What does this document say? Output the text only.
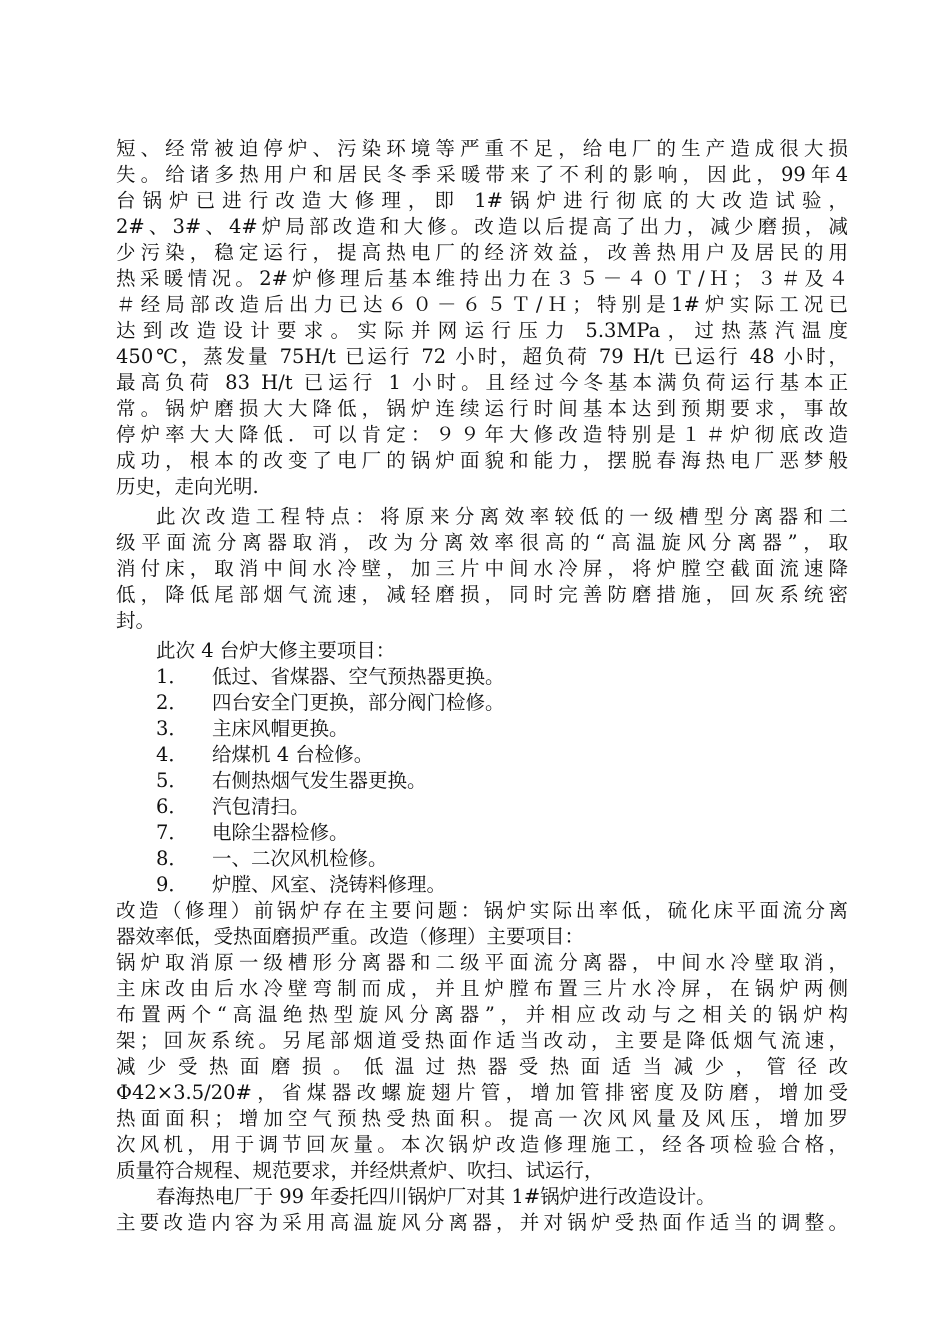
短、经常被迫停炉、污染环境等严重不足，给电厂的生产造成很大损
失。给诸多热用户和居民冬季采暖带来了不利的影响，因此，99年4
台锅炉已进行改造大修理，即 1#锅炉进行彻底的大改造试验，
2#、3#、4#炉局部改造和大修。改造以后提高了出力，减少磨损，减
少污染，稳定运行，提高热电厂的经济效益，改善热用户及居民的用
热采暖情况。2#炉修理后基本维持出力在３５－４０Ｔ/Ｈ；３＃及４
＃经局部改造后出力已达６０－６５Ｔ/Ｈ；特别是1#炉实际工况已
达到改造设计要求。实际并网运行压力 5.3MPa，过热蒸汽温度
450℃，蒸发量 75H/t 已运行 72 小时，超负荷 79 H/t 已运行 48 小时，
最高负荷 83 H/t 已运行 1 小时。且经过今冬基本满负荷运行基本正
常。锅炉磨损大大降低，锅炉连续运行时间基本达到预期要求，事故
停炉率大大降低．可以肯定：９９年大修改造特别是１＃炉彻底改造
成功，根本的改变了电厂的锅炉面貌和能力，摆脱春海热电厂恶梦般
历史，走向光明.
此次改造工程特点：将原来分离效率较低的一级槽型分离器和二
级平面流分离器取消，改为分离效率很高的“高温旋风分离器”，取
消付床，取消中间水冷壁，加三片中间水冷屏，将炉膛空截面流速降
低，降低尾部烟气流速，减轻磨损，同时完善防磨措施，回灰系统密
封。
此次 4 台炉大修主要项目：
1． 低过、省煤器、空气预热器更换。
2． 四台安全门更换，部分阀门检修。
3． 主床风帽更换。
4． 给煤机 4 台检修。
5． 右侧热烟气发生器更换。
6． 汽包清扫。
7． 电除尘器检修。
8． 一、二次风机检修。
9． 炉膛、风室、浇铸料修理。
改造（修理）前锅炉存在主要问题：锅炉实际出率低，硫化床平面流分离
器效率低，受热面磨损严重。改造（修理）主要项目：
锅炉取消原一级槽形分离器和二级平面流分离器，中间水冷壁取消，
主床改由后水冷壁弯制而成，并且炉膛布置三片水冷屏，在锅炉两侧
布置两个“高温绝热型旋风分离器”，并相应改动与之相关的锅炉构
架；回灰系统。另尾部烟道受热面作适当改动，主要是降低烟气流速，
减少受热面磨损。低温过热器受热面适当减少，管径改
Φ42×3.5/20#，省煤器改螺旋翅片管，增加管排密度及防磨，增加受
热面面积；增加空气预热受热面积。提高一次风风量及风压，增加罗
次风机，用于调节回灰量。本次锅炉改造修理施工，经各项检验合格，
质量符合规程、规范要求，并经烘煮炉、吹扫、试运行，
春海热电厂于 99 年委托四川锅炉厂对其 1#锅炉进行改造设计。
主要改造内容为采用高温旋风分离器，并对锅炉受热面作适当的调整。
